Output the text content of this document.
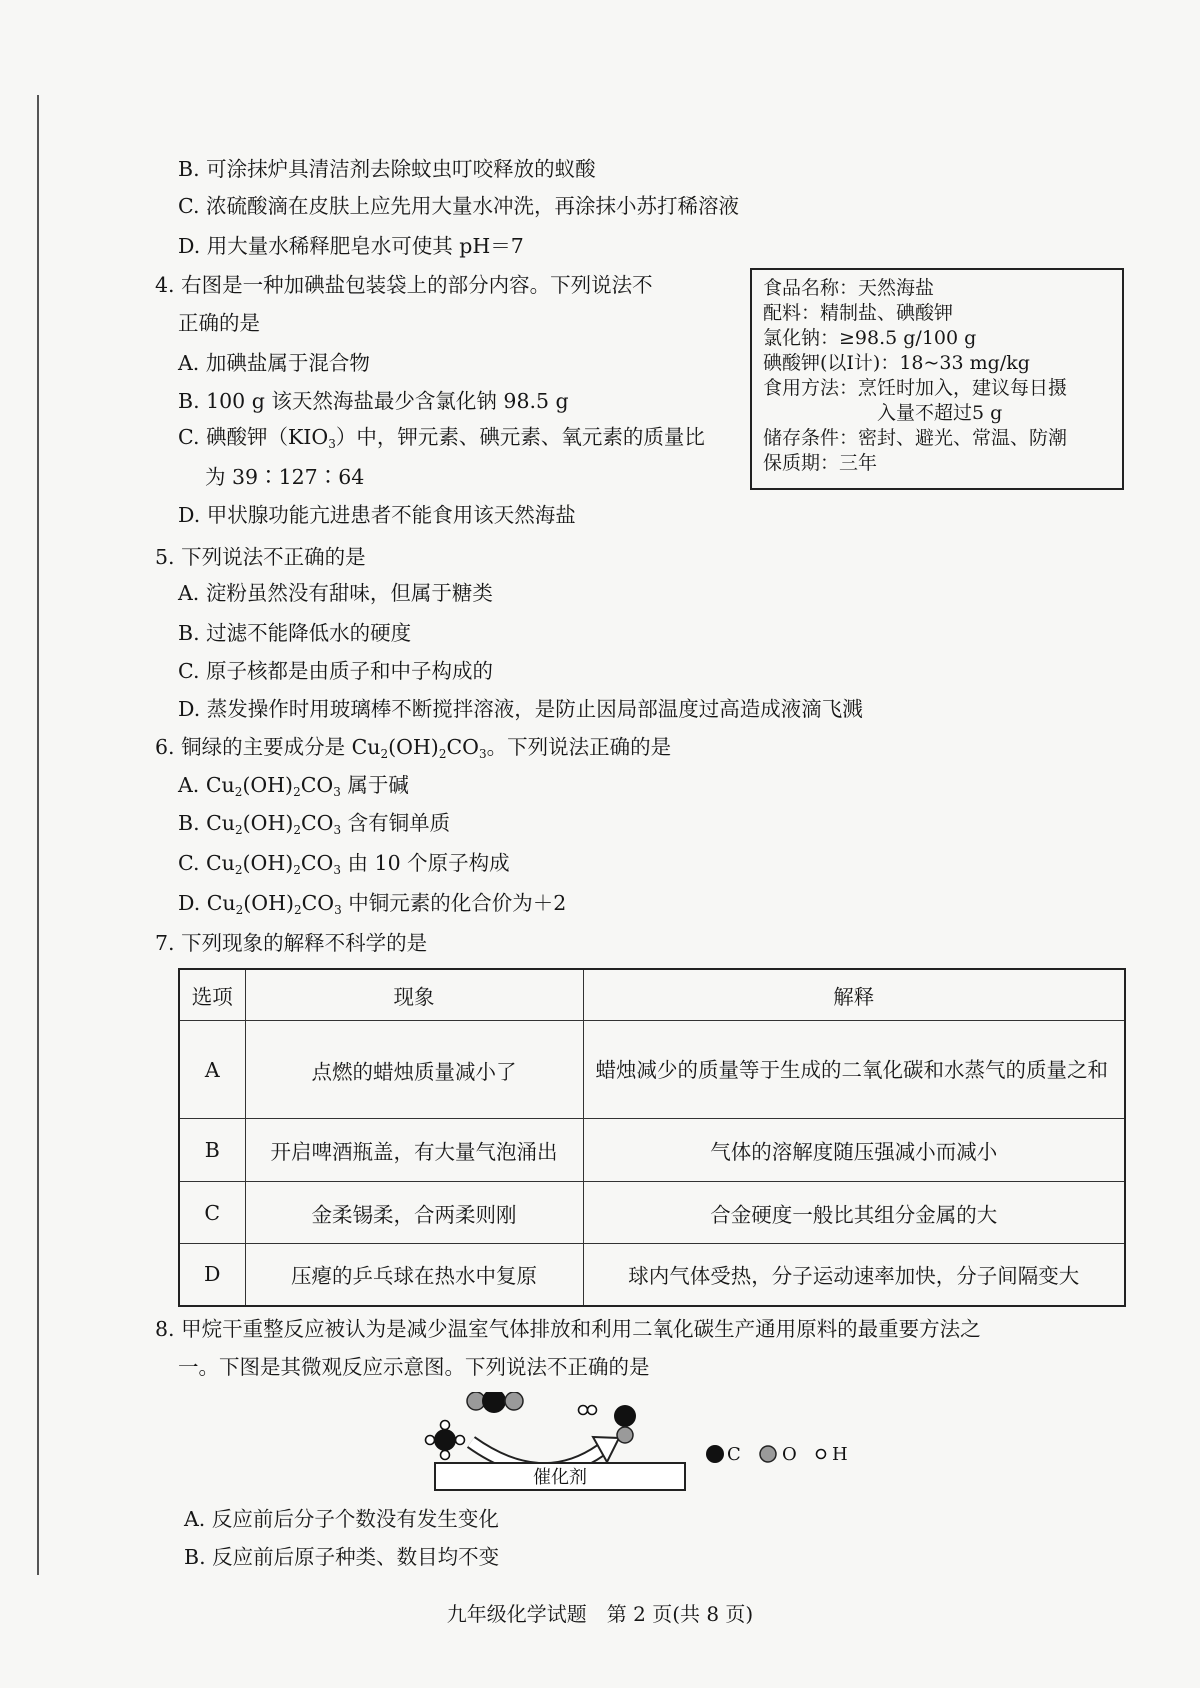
B. 可涂抹炉具清洁剂去除蚊虫叮咬释放的蚁酸
C. 浓硫酸滴在皮肤上应先用大量水冲洗，再涂抹小苏打稀溶液
D. 用大量水稀释肥皂水可使其 pH＝7
4. 右图是一种加碘盐包装袋上的部分内容。下列说法不
正确的是
A. 加碘盐属于混合物
B. 100 g 该天然海盐最少含氯化钠 98.5 g
C. 碘酸钾（KIO3）中，钾元素、碘元素、氧元素的质量比
为 39∶127∶64
D. 甲状腺功能亢进患者不能食用该天然海盐
食品名称：天然海盐
配料：精制盐、碘酸钾
氯化钠：≥98.5 g/100 g
碘酸钾(以I计)：18~33 mg/kg
食用方法：烹饪时加入，建议每日摄
入量不超过5 g
储存条件：密封、避光、常温、防潮
保质期：三年
5. 下列说法不正确的是
A. 淀粉虽然没有甜味，但属于糖类
B. 过滤不能降低水的硬度
C. 原子核都是由质子和中子构成的
D. 蒸发操作时用玻璃棒不断搅拌溶液，是防止因局部温度过高造成液滴飞溅
6. 铜绿的主要成分是 Cu2(OH)2CO3。下列说法正确的是
A. Cu2(OH)2CO3 属于碱
B. Cu2(OH)2CO3 含有铜单质
C. Cu2(OH)2CO3 由 10 个原子构成
D. Cu2(OH)2CO3 中铜元素的化合价为＋2
7. 下列现象的解释不科学的是
选项	现象	解释
A	点燃的蜡烛质量减小了	蜡烛减少的质量等于生成的二氧化碳和水蒸气的质量之和
B	开启啤酒瓶盖，有大量气泡涌出	气体的溶解度随压强减小而减小
C	金柔锡柔，合两柔则刚	合金硬度一般比其组分金属的大
D	压瘪的乒乓球在热水中复原	球内气体受热，分子运动速率加快，分子间隔变大
8. 甲烷干重整反应被认为是减少温室气体排放和利用二氧化碳生产通用原料的最重要方法之
一。下图是其微观反应示意图。下列说法不正确的是
催化剂
C O H
A. 反应前后分子个数没有发生变化
B. 反应前后原子种类、数目均不变
九年级化学试题　第 2 页(共 8 页)
